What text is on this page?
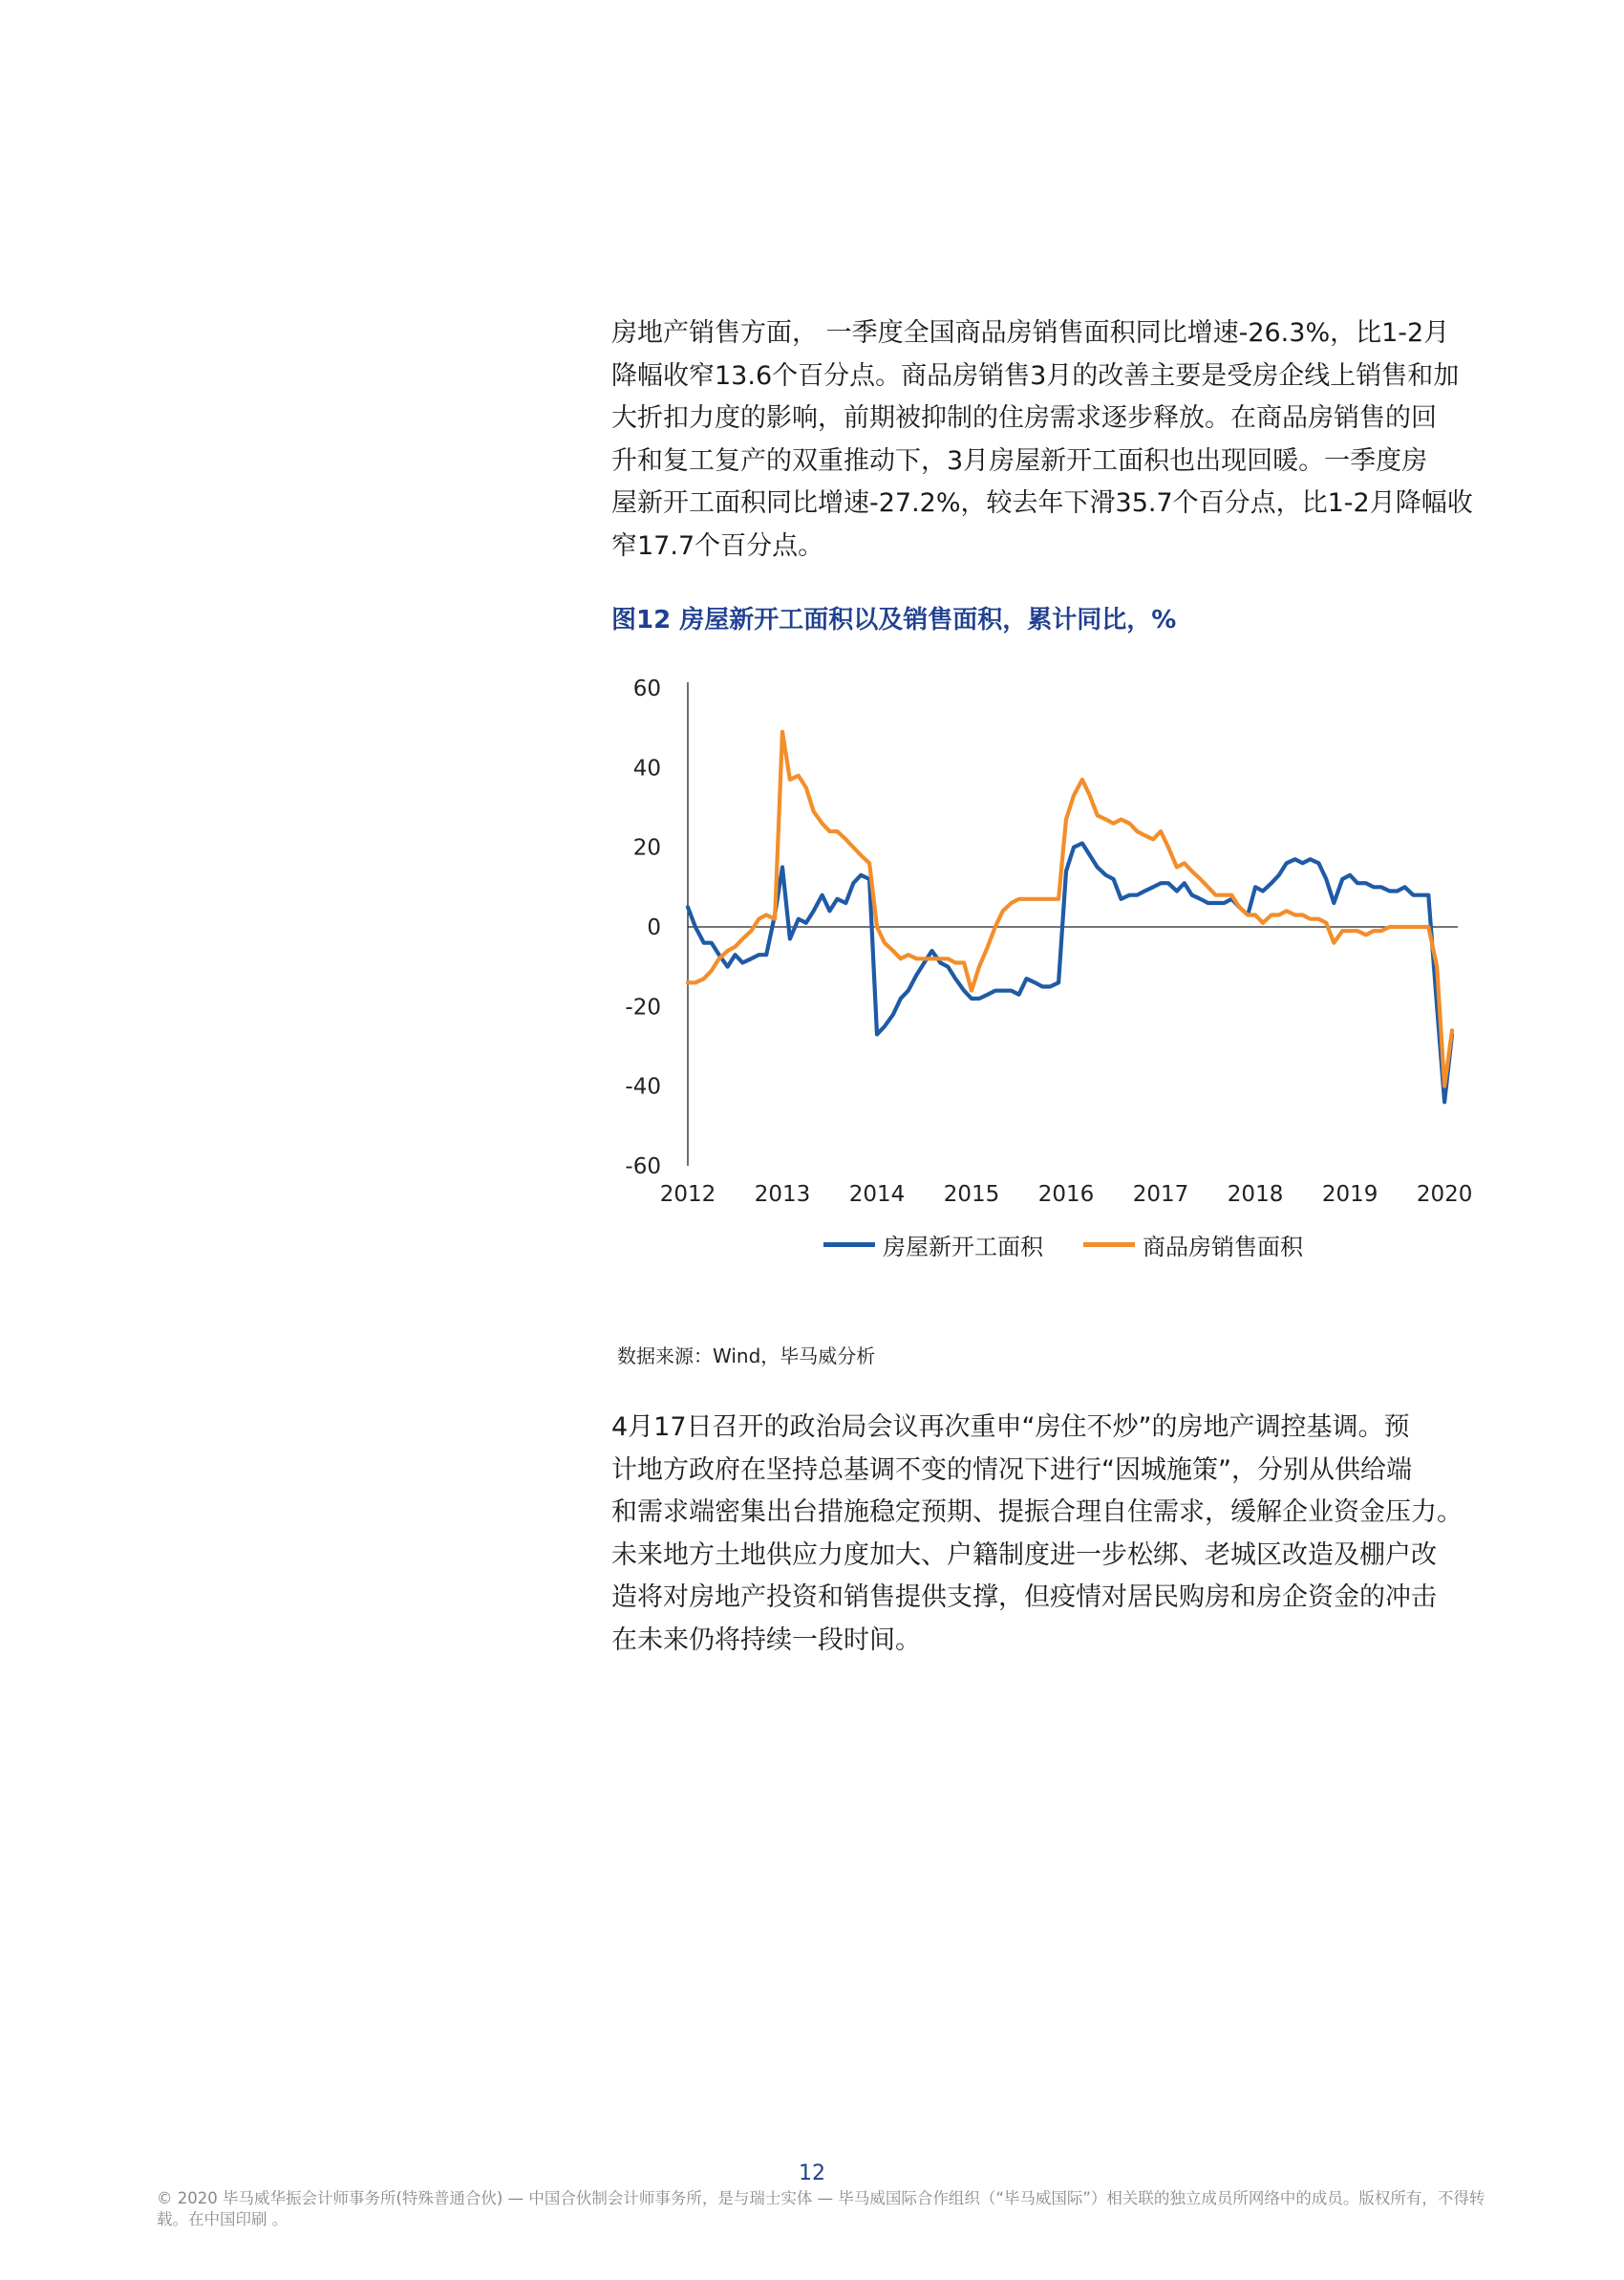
房地产销售方面， 一季度全国商品房销售面积同比增速-26.3%，比1-2月
降幅收窄13.6个百分点。商品房销售3月的改善主要是受房企线上销售和加
大折扣力度的影响，前期被抑制的住房需求逐步释放。在商品房销售的回
升和复工复产的双重推动下，3月房屋新开工面积也出现回暖。一季度房
屋新开工面积同比增速-27.2%，较去年下滑35.7个百分点，比1-2月降幅收
窄17.7个百分点。

图12 房屋新开工面积以及销售面积，累计同比，%

60
40
20
0
-20
-40
-60
2012 2013 2014 2015 2016 2017 2018 2019 2020
房屋新开工面积	商品房销售面积

数据来源：Wind，毕马威分析

4月17日召开的政治局会议再次重申“房住不炒”的房地产调控基调。预
计地方政府在坚持总基调不变的情况下进行“因城施策”，分别从供给端
和需求端密集出台措施稳定预期、提振合理自住需求，缓解企业资金压力。
未来地方土地供应力度加大、户籍制度进一步松绑、老城区改造及棚户改
造将对房地产投资和销售提供支撑，但疫情对居民购房和房企资金的冲击
在未来仍将持续一段时间。
12
© 2020 毕马威华振会计师事务所(特殊普通合伙) — 中国合伙制会计师事务所，是与瑞士实体 — 毕马威国际合作组织（“毕马威国际”）相关联的独立成员所网络中的成员。版权所有，不得转
载。在中国印刷 。
